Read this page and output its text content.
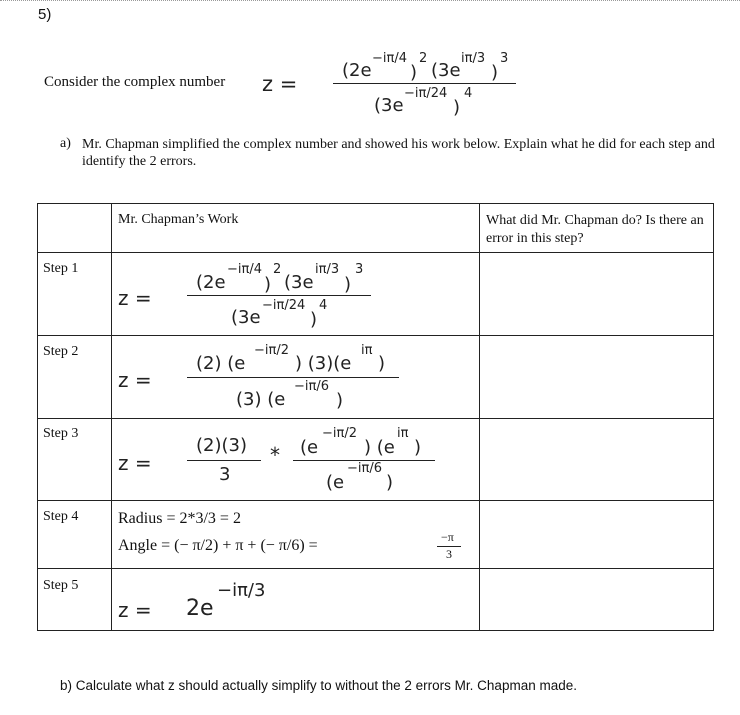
5)
Consider the complex number z =
(2e
−iπ/4
)
2
(3e
iπ/3
)
3
(3e
−iπ/24
)
4
a) Mr. Chapman simplified the complex number and showed his work below. Explain what he did for each step and identify the 2 errors.
Mr. Chapman’s Work	What did Mr. Chapman do? Is there an error in this step?
Step 1
z =
(2e
−iπ/4
)
2
(3e
iπ/3
)
3
(3e
−iπ/24
)
4
Step 2
z =
(2) (e
−iπ/2
) (3)(e
iπ
)
(3) (e
−iπ/6
)
Step 3
z =
(2)(3)
3
* (e
−iπ/2
) (e
iπ
)
(e
−iπ/6
)
Step 4 Radius = 2*3/3 = 2
Angle = (− π/2) + π + (− π/6) =	−π
3
Step 5
z = 2e
−iπ/3
b) Calculate what z should actually simplify to without the 2 errors Mr. Chapman made.
